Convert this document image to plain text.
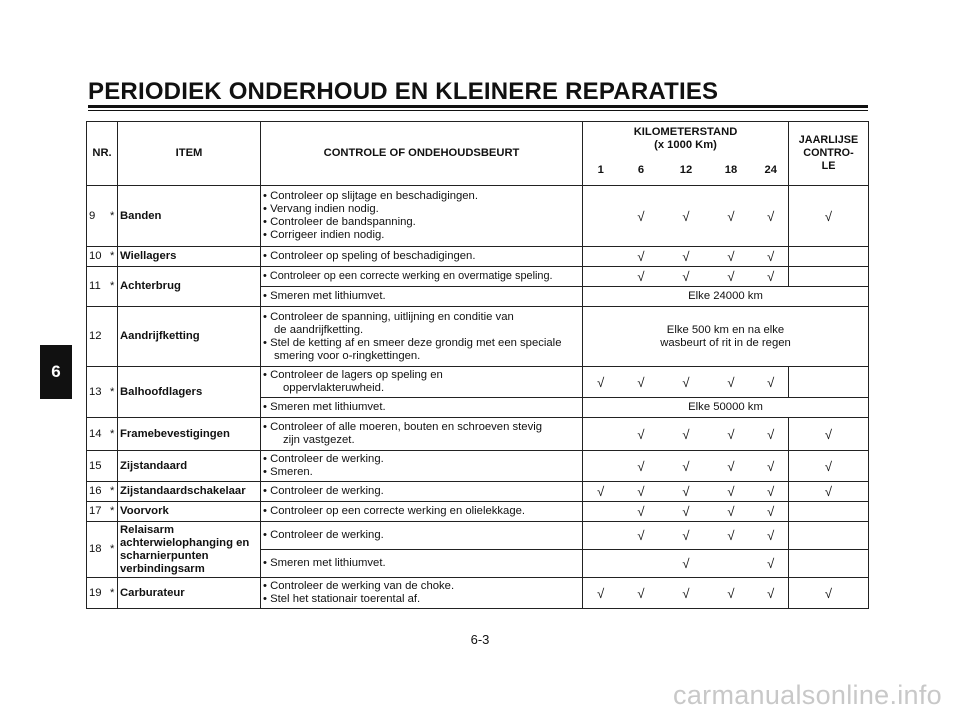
PERIODIEK ONDERHOUD EN KLEINERE REPARATIES
6
NR.		ITEM	CONTROLE OF ONDEHOUDSBEURT	KILOMETERSTAND
(x 1000 Km)					JAARLIJSE
CONTRO-
LE

				1	6	12	18	24	
9	*	Banden	• Controleer op slijtage en beschadigingen.
• Vervang indien nodig.
• Controleer de bandspanning.
• Corrigeer indien nodig.		√	√	√	√	√
10	*	Wiellagers	• Controleer op speling of beschadigingen.		√	√	√	√	
11	*	Achterbrug	• Controleer op een correcte werking en overmatige speling.		√	√	√	√	
			• Smeren met lithiumvet.	Elke 24000 km					
12		Aandrijfketting	• Controleer de spanning, uitlijning en conditie van
de aandrijfketting.
• Stel de ketting af en smeer deze grondig met een speciale
smering voor o-ringkettingen.	Elke 500 km en na elke
wasbeurt of rit in de regen					

13	*	Balhoofdlagers	• Controleer de lagers op speling en
oppervlakteruwheid.	√	√	√	√	√	
			• Smeren met lithiumvet.	Elke 50000 km					
14	*	Framebevestigingen	• Controleer of alle moeren, bouten en schroeven stevig
zijn vastgezet.		√	√	√	√	√
15		Zijstandaard	• Controleer de werking.
• Smeren.		√	√	√	√	√
16	*	Zijstandaardschakelaar	• Controleer de werking.	√	√	√	√	√	√
17	*	Voorvork	• Controleer op een correcte werking en olielekkage.		√	√	√	√	
18	*	Relaisarm
achterwielophanging en
scharnierpunten
verbindingsarm	• Controleer de werking.		√	√	√	√	
			• Smeren met lithiumvet.			√		√	
19	*	Carburateur	• Controleer de werking van de choke.
• Stel het stationair toerental af.	√	√	√	√	√	√
6-3
carmanualsonline.info
